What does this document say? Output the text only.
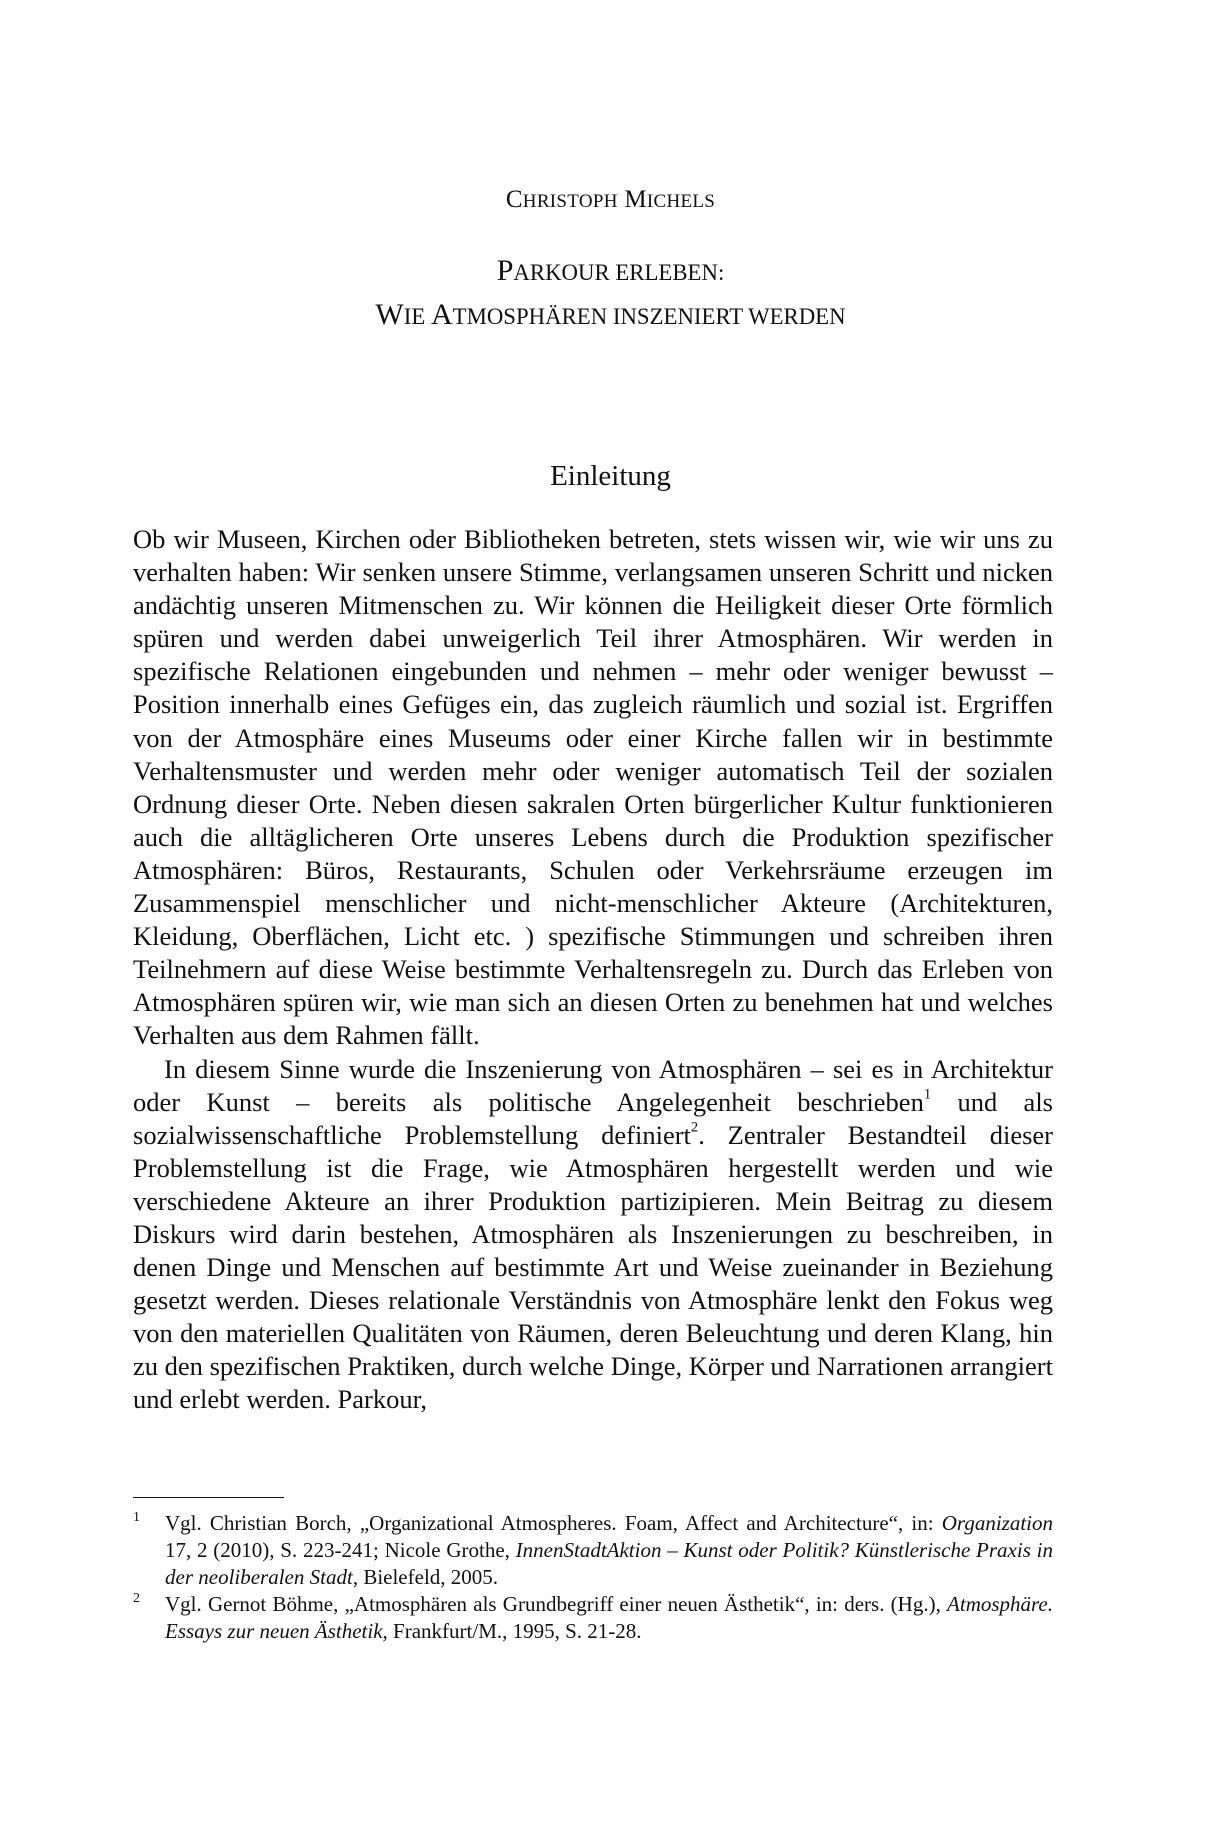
CHRISTOPH MICHELS
PARKOUR ERLEBEN:
WIE ATMOSPHÄREN INSZENIERT WERDEN
Einleitung

Ob wir Museen, Kirchen oder Bibliotheken betreten, stets wissen wir, wie wir uns zu verhalten haben: Wir senken unsere Stimme, verlangsamen unseren Schritt und nicken andächtig unseren Mitmenschen zu. Wir können die Heiligkeit dieser Orte förmlich spüren und werden dabei unweigerlich Teil ihrer Atmosphären. Wir werden in spezifische Relationen eingebunden und nehmen – mehr oder weniger bewusst – Position innerhalb eines Gefüges ein, das zugleich räumlich und sozial ist. Ergriffen von der Atmosphäre eines Museums oder einer Kirche fallen wir in bestimmte Verhaltensmuster und werden mehr oder weniger automatisch Teil der sozialen Ordnung dieser Orte. Neben diesen sakralen Orten bürgerlicher Kultur funktionieren auch die alltäglicheren Orte unseres Lebens durch die Produktion spezifischer Atmosphären: Büros, Restaurants, Schulen oder Verkehrsräume erzeugen im Zusammenspiel menschlicher und nicht-menschlicher Akteure (Architekturen, Kleidung, Oberflächen, Licht etc. ) spezifische Stimmungen und schreiben ihren Teilnehmern auf diese Weise bestimmte Verhaltensregeln zu. Durch das Erleben von Atmosphären spüren wir, wie man sich an diesen Orten zu benehmen hat und welches Verhalten aus dem Rahmen fällt.

In diesem Sinne wurde die Inszenierung von Atmosphären – sei es in Architektur oder Kunst – bereits als politische Angelegenheit beschrieben$^1$ und als sozialwissenschaftliche Problemstellung definiert$^2$. Zentraler Bestandteil dieser Problemstellung ist die Frage, wie Atmosphären hergestellt werden und wie verschiedene Akteure an ihrer Produktion partizipieren. Mein Beitrag zu diesem Diskurs wird darin bestehen, Atmosphären als Inszenierungen zu beschreiben, in denen Dinge und Menschen auf bestimmte Art und Weise zueinander in Beziehung gesetzt werden. Dieses relationale Verständnis von Atmosphäre lenkt den Fokus weg von den materiellen Qualitäten von Räumen, deren Beleuchtung und deren Klang, hin zu den spezifischen Praktiken, durch welche Dinge, Körper und Narrationen arrangiert und erlebt werden. Parkour,

1 Vgl. Christian Borch, „Organizational Atmospheres. Foam, Affect and Architecture“, in: Organization 17, 2 (2010), S. 223-241; Nicole Grothe, InnenStadtAktion – Kunst oder Politik? Künstlerische Praxis in der neoliberalen Stadt, Bielefeld, 2005.
2 Vgl. Gernot Böhme, „Atmosphären als Grundbegriff einer neuen Ästhetik“, in: ders. (Hg.), Atmosphäre. Essays zur neuen Ästhetik, Frankfurt/M., 1995, S. 21-28.
